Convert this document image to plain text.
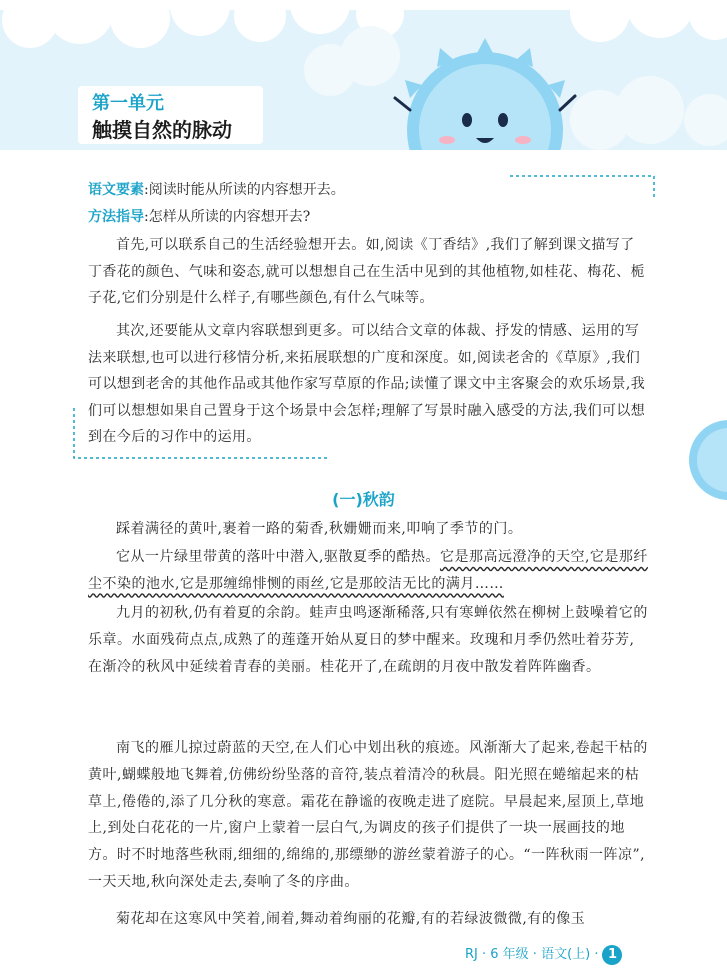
第一单元
触摸自然的脉动
语文要素:阅读时能从所读的内容想开去。
方法指导:怎样从所读的内容想开去?
首先,可以联系自己的生活经验想开去。如,阅读《丁香结》,我们了解到课文描写了丁香花的颜色、气味和姿态,就可以想想自己在生活中见到的其他植物,如桂花、梅花、栀子花,它们分别是什么样子,有哪些颜色,有什么气味等。
其次,还要能从文章内容联想到更多。可以结合文章的体裁、抒发的情感、运用的写法来联想,也可以进行移情分析,来拓展联想的广度和深度。如,阅读老舍的《草原》,我们可以想到老舍的其他作品或其他作家写草原的作品;读懂了课文中主客聚会的欢乐场景,我们可以想想如果自己置身于这个场景中会怎样;理解了写景时融入感受的方法,我们可以想到在今后的习作中的运用。
(一)秋韵
踩着满径的黄叶,裹着一路的菊香,秋姗姗而来,叩响了季节的门。
它从一片绿里带黄的落叶中潜入,驱散夏季的酷热。它是那高远澄净的天空,它是那纤尘不染的池水,它是那缠绵悱恻的雨丝,它是那皎洁无比的满月……
九月的初秋,仍有着夏的余韵。蛙声虫鸣逐渐稀落,只有寒蝉依然在柳树上鼓噪着它的乐章。水面残荷点点,成熟了的莲蓬开始从夏日的梦中醒来。玫瑰和月季仍然吐着芬芳,在渐冷的秋风中延续着青春的美丽。桂花开了,在疏朗的月夜中散发着阵阵幽香。
南飞的雁儿掠过蔚蓝的天空,在人们心中划出秋的痕迹。风渐渐大了起来,卷起干枯的黄叶,蝴蝶般地飞舞着,仿佛纷纷坠落的音符,装点着清冷的秋晨。阳光照在蜷缩起来的枯草上,倦倦的,添了几分秋的寒意。霜花在静谧的夜晚走进了庭院。早晨起来,屋顶上,草地上,到处白花花的一片,窗户上蒙着一层白气,为调皮的孩子们提供了一块一展画技的地方。时不时地落些秋雨,细细的,绵绵的,那缥缈的游丝蒙着游子的心。“一阵秋雨一阵凉”,一天天地,秋向深处走去,奏响了冬的序曲。
菊花却在这寒风中笑着,闹着,舞动着绚丽的花瓣,有的若绿波微微,有的像玉
RJ · 6 年级 · 语文(上) · 1
